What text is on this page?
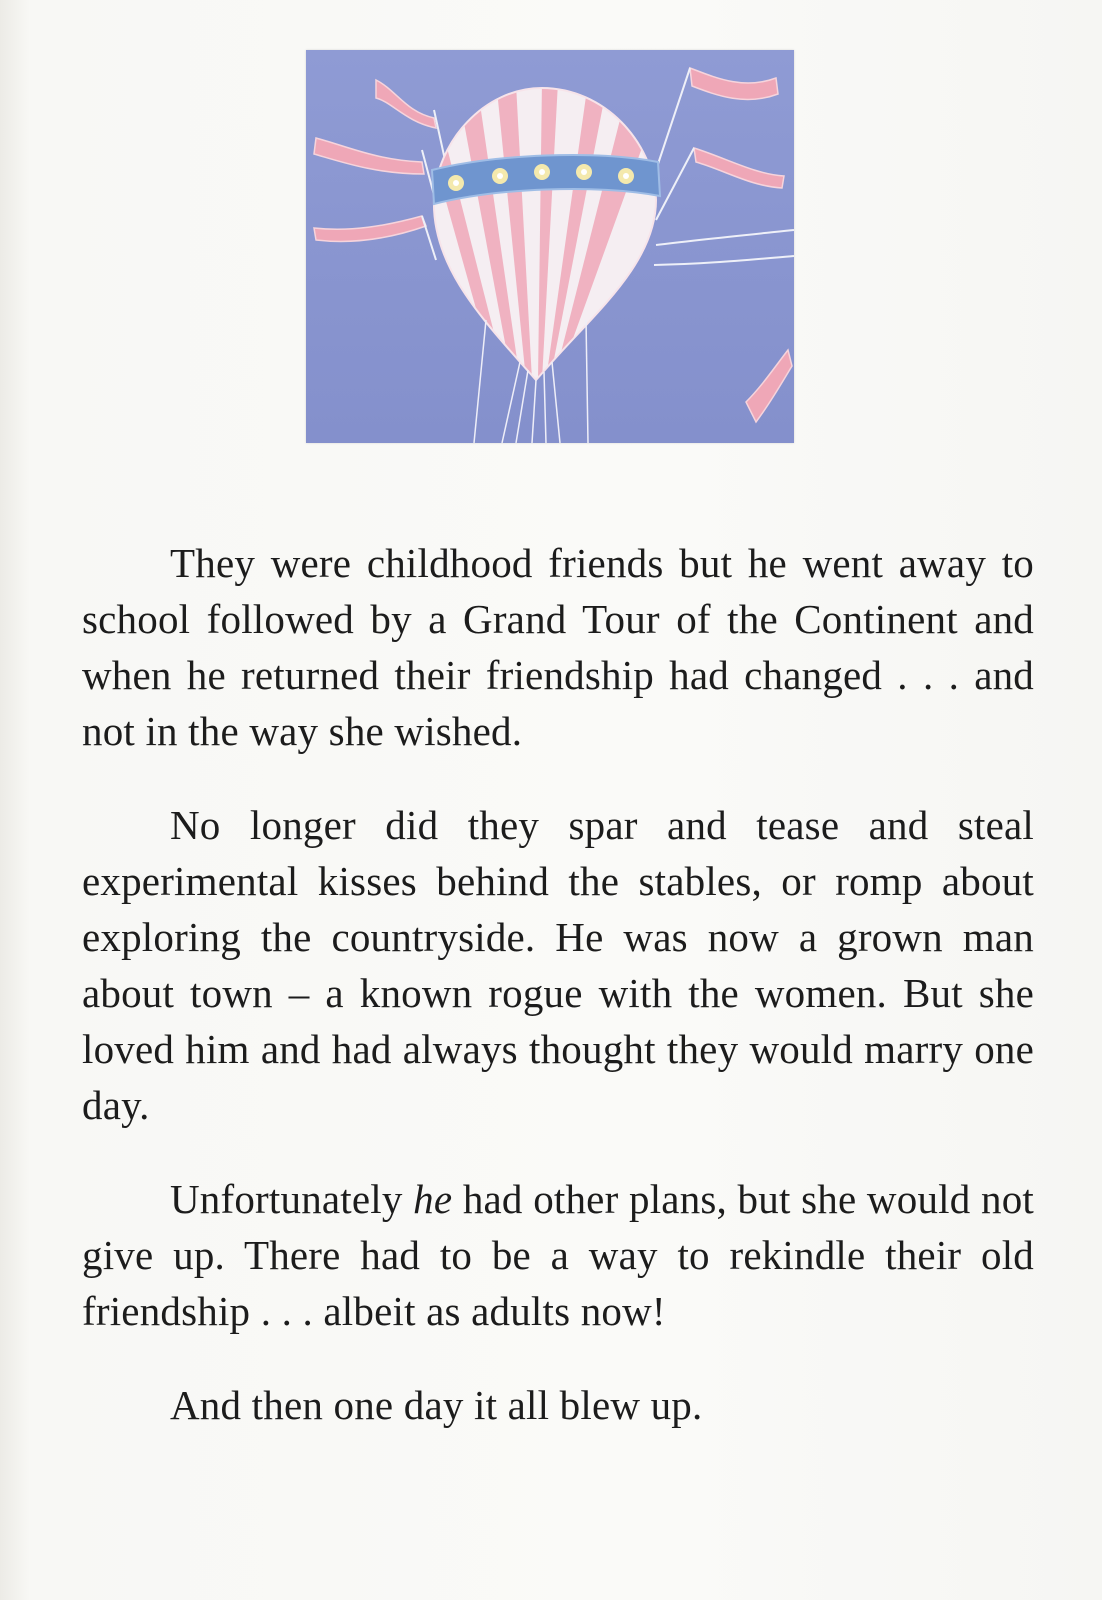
They were childhood friends but he went away to school followed by a Grand Tour of the Continent and when he returned their friendship had changed . . . and not in the way she wished.

No longer did they spar and tease and steal experimental kisses behind the stables, or romp about exploring the countryside. He was now a grown man about town – a known rogue with the women. But she loved him and had always thought they would marry one day.

Unfortunately he had other plans, but she would not give up. There had to be a way to rekindle their old friendship . . . albeit as adults now!

And then one day it all blew up.
